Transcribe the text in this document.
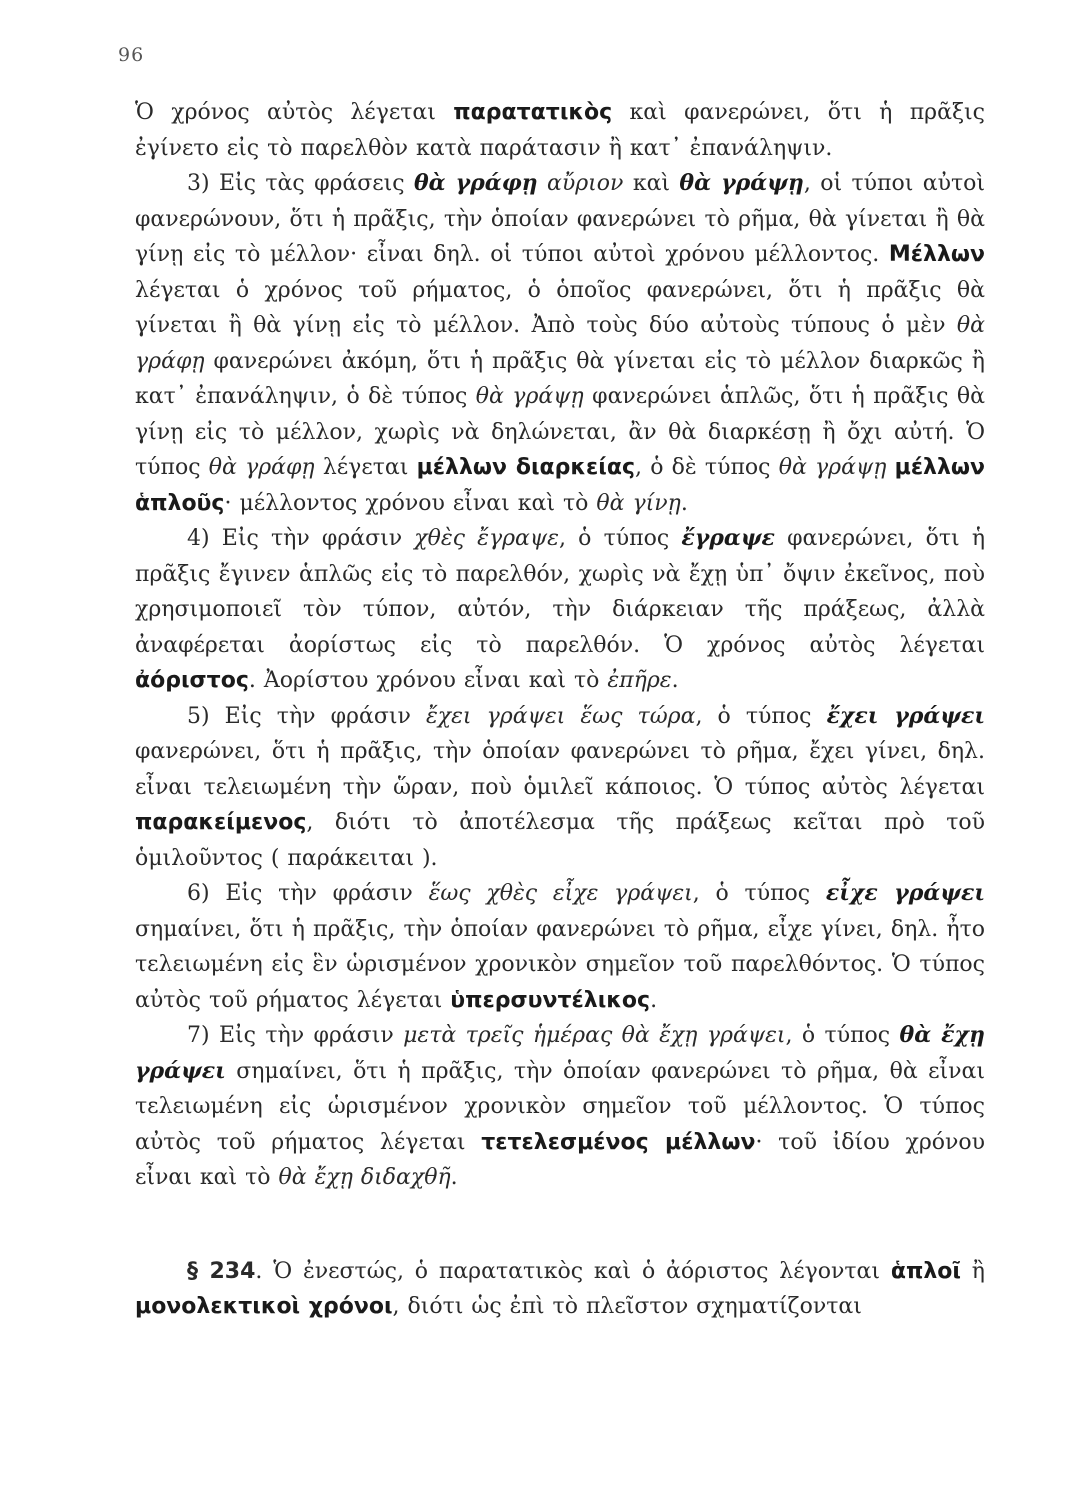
96

Ὁ χρόνος αὐτὸς λέγεται παρατατικὸς καὶ φανερώνει, ὅτι ἡ πρᾶξις ἐγίνετο εἰς τὸ παρελθὸν κατὰ παράτασιν ἢ κατ᾿ ἐπανάληψιν.

3) Εἰς τὰς φράσεις θὰ γράφῃ αὔριον καὶ θὰ γράψῃ, οἱ τύποι αὐτοὶ φανερώνουν, ὅτι ἡ πρᾶξις, τὴν ὁποίαν φανερώνει τὸ ρῆμα, θὰ γίνεται ἢ θὰ γίνῃ εἰς τὸ μέλλον· εἶναι δηλ. οἱ τύποι αὐτοὶ χρόνου μέλλοντος. Μέλλων λέγεται ὁ χρόνος τοῦ ρήματος, ὁ ὁποῖος φανερώνει, ὅτι ἡ πρᾶξις θὰ γίνεται ἢ θὰ γίνῃ εἰς τὸ μέλλον. Ἀπὸ τοὺς δύο αὐτοὺς τύπους ὁ μὲν θὰ γράφῃ φανερώνει ἀκόμη, ὅτι ἡ πρᾶξις θὰ γίνεται εἰς τὸ μέλλον διαρκῶς ἢ κατ᾿ ἐπανάληψιν, ὁ δὲ τύπος θὰ γράψῃ φανερώνει ἁπλῶς, ὅτι ἡ πρᾶξις θὰ γίνῃ εἰς τὸ μέλλον, χωρὶς νὰ δηλώνεται, ἂν θὰ διαρκέσῃ ἢ ὄχι αὐτή. Ὁ τύπος θὰ γράφῃ λέγεται μέλλων διαρκείας, ὁ δὲ τύπος θὰ γράψῃ μέλλων ἁπλοῦς· μέλλοντος χρόνου εἶναι καὶ τὸ θὰ γίνῃ.

4) Εἰς τὴν φράσιν χθὲς ἔγραψε, ὁ τύπος ἔγραψε φανερώνει, ὅτι ἡ πρᾶξις ἔγινεν ἁπλῶς εἰς τὸ παρελθόν, χωρὶς νὰ ἔχῃ ὑπ᾿ ὄψιν ἐκεῖνος, ποὺ χρησιμοποιεῖ τὸν τύπον, αὐτόν, τὴν διάρκειαν τῆς πράξεως, ἀλλὰ ἀναφέρεται ἀορίστως εἰς τὸ παρελθόν. Ὁ χρόνος αὐτὸς λέγεται ἀόριστος. Ἀορίστου χρόνου εἶναι καὶ τὸ ἐπῆρε.

5) Εἰς τὴν φράσιν ἔχει γράψει ἕως τώρα, ὁ τύπος ἔχει γράψει φανερώνει, ὅτι ἡ πρᾶξις, τὴν ὁποίαν φανερώνει τὸ ρῆμα, ἔχει γίνει, δηλ. εἶναι τελειωμένη τὴν ὥραν, ποὺ ὁμιλεῖ κάποιος. Ὁ τύπος αὐτὸς λέγεται παρακείμενος, διότι τὸ ἀποτέλεσμα τῆς πράξεως κεῖται πρὸ τοῦ ὁμιλοῦντος ( παράκειται ).

6) Εἰς τὴν φράσιν ἕως χθὲς εἶχε γράψει, ὁ τύπος εἶχε γράψει σημαίνει, ὅτι ἡ πρᾶξις, τὴν ὁποίαν φανερώνει τὸ ρῆμα, εἶχε γίνει, δηλ. ἦτο τελειωμένη εἰς ἓν ὡρισμένον χρονικὸν σημεῖον τοῦ παρελθόντος. Ὁ τύπος αὐτὸς τοῦ ρήματος λέγεται ὑπερσυντέλικος.

7) Εἰς τὴν φράσιν μετὰ τρεῖς ἡμέρας θὰ ἔχῃ γράψει, ὁ τύπος θὰ ἔχῃ γράψει σημαίνει, ὅτι ἡ πρᾶξις, τὴν ὁποίαν φανερώνει τὸ ρῆμα, θὰ εἶναι τελειωμένη εἰς ὡρισμένον χρονικὸν σημεῖον τοῦ μέλλοντος. Ὁ τύπος αὐτὸς τοῦ ρήματος λέγεται τετελεσμένος μέλλων· τοῦ ἰδίου χρόνου εἶναι καὶ τὸ θὰ ἔχῃ διδαχθῆ.

§ 234. Ὁ ἐνεστώς, ὁ παρατατικὸς καὶ ὁ ἀόριστος λέγονται ἁπλοῖ ἢ μονολεκτικοὶ χρόνοι, διότι ὡς ἐπὶ τὸ πλεῖστον σχηματίζονται
